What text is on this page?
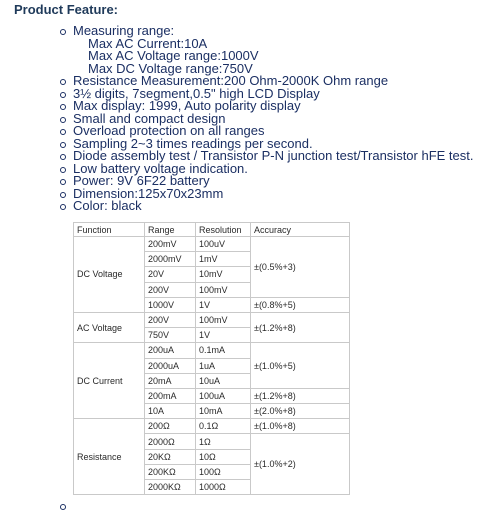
Product Feature:
Measuring range:
Max AC Current:10A
Max AC Voltage range:1000V
Max DC Voltage range:750V
Resistance Measurement:200 Ohm-2000K Ohm range
3½ digits, 7segment,0.5" high LCD Display
Max display: 1999, Auto polarity display
Small and compact design
Overload protection on all ranges
Sampling 2~3 times readings per second.
Diode assembly test / Transistor P-N junction test/Transistor hFE test.
Low battery voltage indication.
Power: 9V 6F22 battery
Dimension:125x70x23mm
Color: black
Function	Range	Resolution	Accuracy
DC Voltage	200mV	100uV	±(0.5%+3)
	2000mV	1mV	
	20V	10mV	
	200V	100mV	
	1000V	1V	±(0.8%+5)
AC Voltage	200V	100mV	±(1.2%+8)
	750V	1V	
DC Current	200uA	0.1mA	±(1.0%+5)
	2000uA	1uA	
	20mA	10uA	
	200mA	100uA	±(1.2%+8)
	10A	10mA	±(2.0%+8)
Resistance	200Ω	0.1Ω	±(1.0%+8)
	2000Ω	1Ω	±(1.0%+2)
	20KΩ	10Ω	
	200KΩ	100Ω	
	2000KΩ	1000Ω	
